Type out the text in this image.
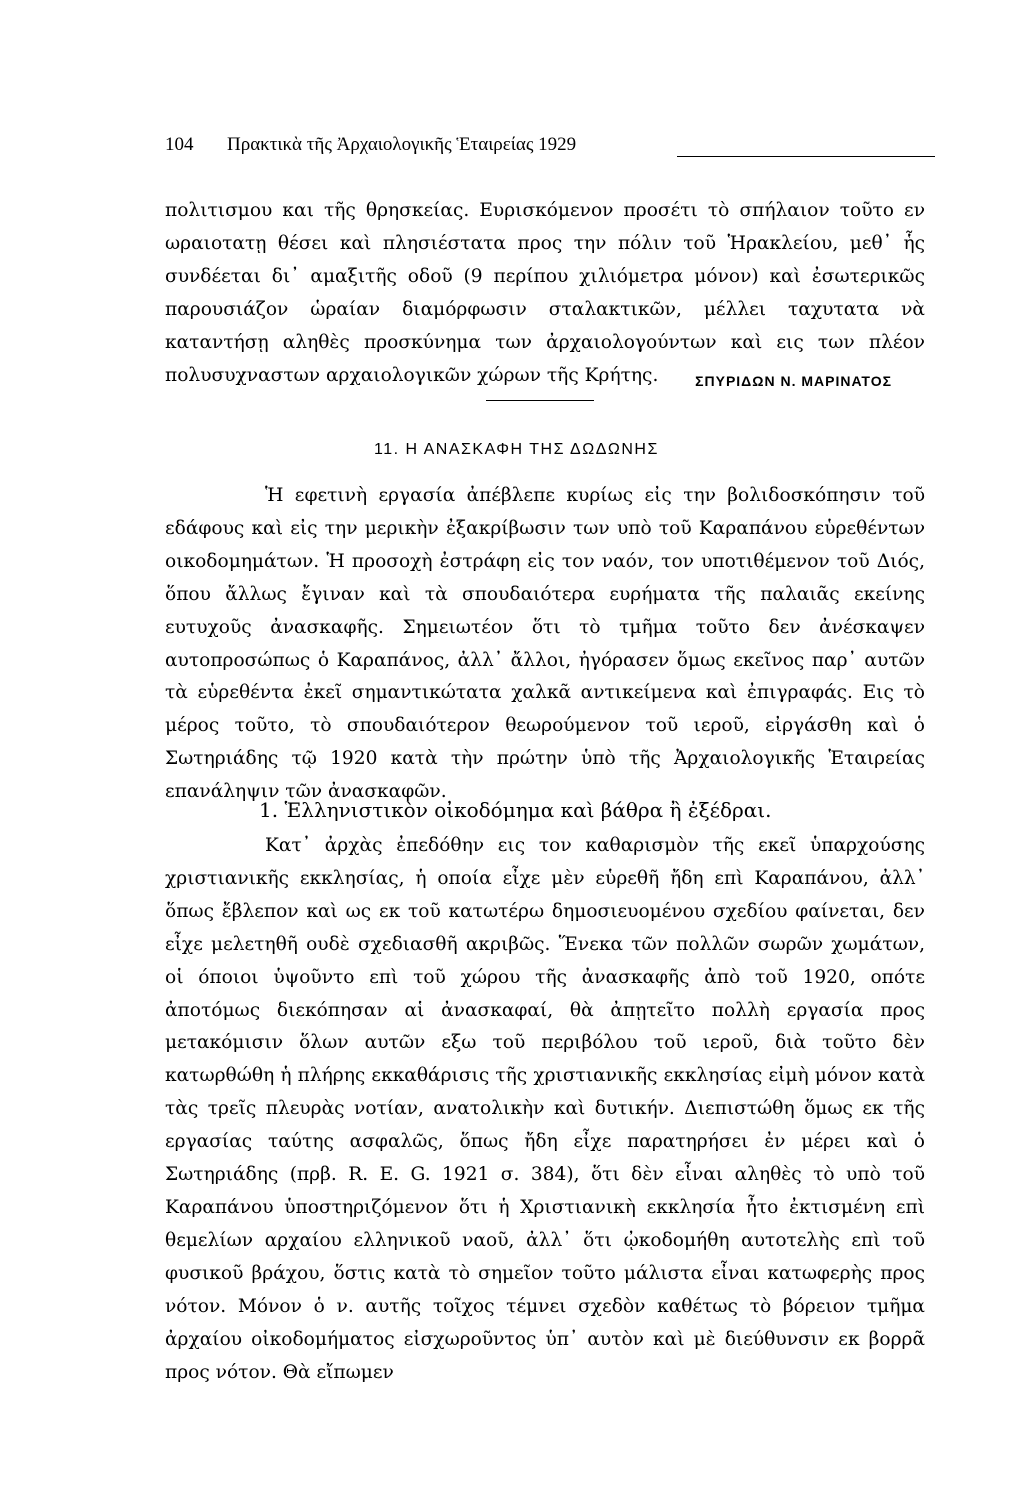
104 Πρακτικὰ τῆς Ἀρχαιολογικῆς Ἑταιρείας 1929

πολιτισμου και τῆς θρησκείας. Ευρισκόμενον προσέτι τὸ σπήλαιον τοῦτο εν ωραιοτατῃ θέσει καὶ πλησιέστατα προς την πόλιν τοῦ Ἡρακλείου, μεθ᾽ ἧς συνδέεται δι᾽ αμαξιτῆς οδοῦ (9 περίπου χιλιόμετρα μόνον) καὶ ἐσωτερικῶς παρουσιάζον ὡραίαν διαμόρφωσιν σταλακτικῶν, μέλλει ταχυτατα νὰ καταντήσῃ αληθὲς προσκύνημα των ἀρχαιολογούντων καὶ εις των πλέον πολυσυχναστων αρχαιολογικῶν χώρων τῆς Κρήτης.	ΣΠΥΡΙΔΩΝ Ν. ΜΑΡΙΝΑΤΟΣ
11. Η ΑΝΑΣΚΑΦΗ ΤΗΣ ΔΩΔΩΝΗΣ

Ἡ εφετινὴ εργασία ἀπέβλεπε κυρίως εἰς την βολιδοσκόπησιν τοῦ εδάφους καὶ εἰς την μερικὴν ἐξακρίβωσιν των υπὸ τοῦ Καραπάνου εὑρεθέντων οικοδομημάτων. Ἡ προσοχὴ ἐστράφη εἰς τον ναόν, τον υποτιθέμενον τοῦ Διός, ὅπου ἄλλως ἔγιναν καὶ τὰ σπουδαιότερα ευρήματα τῆς παλαιᾶς εκείνης ευτυχοῦς ἀνασκαφῆς. Σημειωτέον ὅτι τὸ τμῆμα τοῦτο δεν ἀνέσκαψεν αυτοπροσώπως ὁ Καραπάνος, ἀλλ᾽ ἄλλοι, ἠγόρασεν ὅμως εκεῖνος παρ᾽ αυτῶν τὰ εὑρεθέντα ἐκεῖ σημαντικώτατα χαλκᾶ αντικείμενα καὶ ἐπιγραφάς. Εις τὸ μέρος τοῦτο, τὸ σπουδαιότερον θεωρούμενον τοῦ ιεροῦ, εἰργάσθη καὶ ὁ Σωτηριάδης τῷ 1920 κατὰ τὴν πρώτην ὑπὸ τῆς Ἀρχαιολογικῆς Ἑταιρείας επανάληψιν τῶν ἀνασκαφῶν.

1. Ἑλληνιστικὸν οἰκοδόμημα καὶ βάθρα ἢ ἐξέδραι.

Κατ᾽ ἀρχὰς ἐπεδόθην εις τον καθαρισμὸν τῆς εκεῖ ὑπαρχούσης χριστιανικῆς εκκλησίας, ἡ οποία εἶχε μὲν εὑρεθῆ ἤδη επὶ Καραπάνου, ἀλλ᾽ ὅπως ἔβλεπον καὶ ως εκ τοῦ κατωτέρω δημοσιευομένου σχεδίου φαίνεται, δεν εἶχε μελετηθῆ ουδὲ σχεδιασθῆ ακριβῶς. Ἕνεκα τῶν πολλῶν σωρῶν χωμάτων, οἱ όποιοι ὑψοῦντο επὶ τοῦ χώρου τῆς ἀνασκαφῆς ἀπὸ τοῦ 1920, οπότε ἀποτόμως διεκόπησαν αἱ ἀνασκαφαί, θὰ ἀπῃτεῖτο πολλὴ εργασία προς μετακόμισιν ὅλων αυτῶν εξω τοῦ περιβόλου τοῦ ιεροῦ, διὰ τοῦτο δὲν κατωρθώθη ἡ πλήρης εκκαθάρισις τῆς χριστιανικῆς εκκλησίας εἰμὴ μόνον κατὰ τὰς τρεῖς πλευρὰς νοτίαν, ανατολικὴν καὶ δυτικήν. Διεπιστώθη ὅμως εκ τῆς εργασίας ταύτης ασφαλῶς, ὅπως ἤδη εἶχε παρατηρήσει ἐν μέρει καὶ ὁ Σωτηριάδης (πρβ. R. E. G. 1921 σ. 384), ὅτι δὲν εἶναι αληθὲς τὸ υπὸ τοῦ Καραπάνου ὑποστηριζόμενον ὅτι ἡ Χριστιανικὴ εκκλησία ἦτο ἐκτισμένη επὶ θεμελίων αρχαίου ελληνικοῦ ναοῦ, ἀλλ᾽ ὅτι ᾠκοδομήθη αυτοτελὴς επὶ τοῦ φυσικοῦ βράχου, ὅστις κατὰ τὸ σημεῖον τοῦτο μάλιστα εἶναι κατωφερὴς προς νότον. Μόνον ὁ ν. αυτῆς τοῖχος τέμνει σχεδὸν καθέτως τὸ βόρειον τμῆμα ἀρχαίου οἰκοδομήματος εἰσχωροῦντος ὑπ᾽ αυτὸν καὶ μὲ διεύθυνσιν εκ βορρᾶ προς νότον. Θὰ εἴπωμεν
